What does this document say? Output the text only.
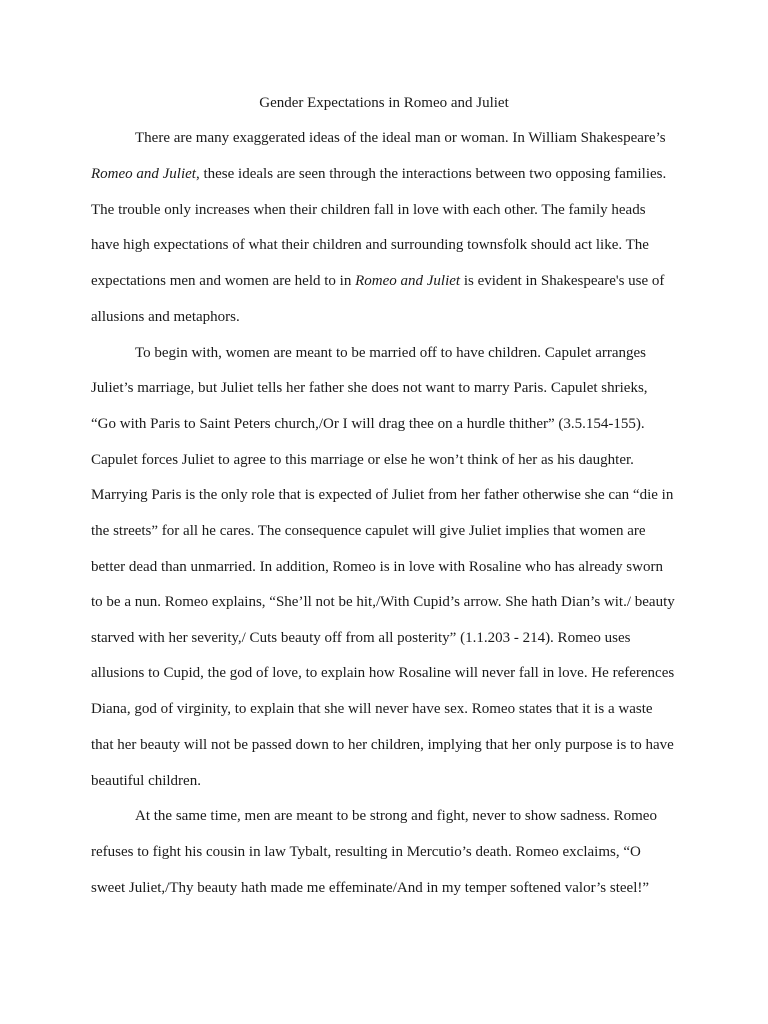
Gender Expectations in Romeo and Juliet
There are many exaggerated ideas of the ideal man or woman. In William Shakespeare’s
Romeo and Juliet, these ideals are seen through the interactions between two opposing families.
The trouble only increases when their children fall in love with each other. The family heads
have high expectations of what their children and surrounding townsfolk should act like. The
expectations men and women are held to in Romeo and Juliet is evident in Shakespeare's use of
allusions and metaphors.
To begin with, women are meant to be married off to have children. Capulet arranges
Juliet’s marriage, but Juliet tells her father she does not want to marry Paris. Capulet shrieks,
“Go with Paris to Saint Peters church,/Or I will drag thee on a hurdle thither” (3.5.154-155).
Capulet forces Juliet to agree to this marriage or else he won’t think of her as his daughter.
Marrying Paris is the only role that is expected of Juliet from her father otherwise she can “die in
the streets” for all he cares. The consequence capulet will give Juliet implies that women are
better dead than unmarried. In addition, Romeo is in love with Rosaline who has already sworn
to be a nun. Romeo explains, “She’ll not be hit,/With Cupid’s arrow. She hath Dian’s wit./ beauty
starved with her severity,/ Cuts beauty off from all posterity” (1.1.203 - 214). Romeo uses
allusions to Cupid, the god of love, to explain how Rosaline will never fall in love. He references
Diana, god of virginity, to explain that she will never have sex. Romeo states that it is a waste
that her beauty will not be passed down to her children, implying that her only purpose is to have
beautiful children.
At the same time, men are meant to be strong and fight, never to show sadness. Romeo
refuses to fight his cousin in law Tybalt, resulting in Mercutio’s death. Romeo exclaims, “O
sweet Juliet,/Thy beauty hath made me effeminate/And in my temper softened valor’s steel!”
